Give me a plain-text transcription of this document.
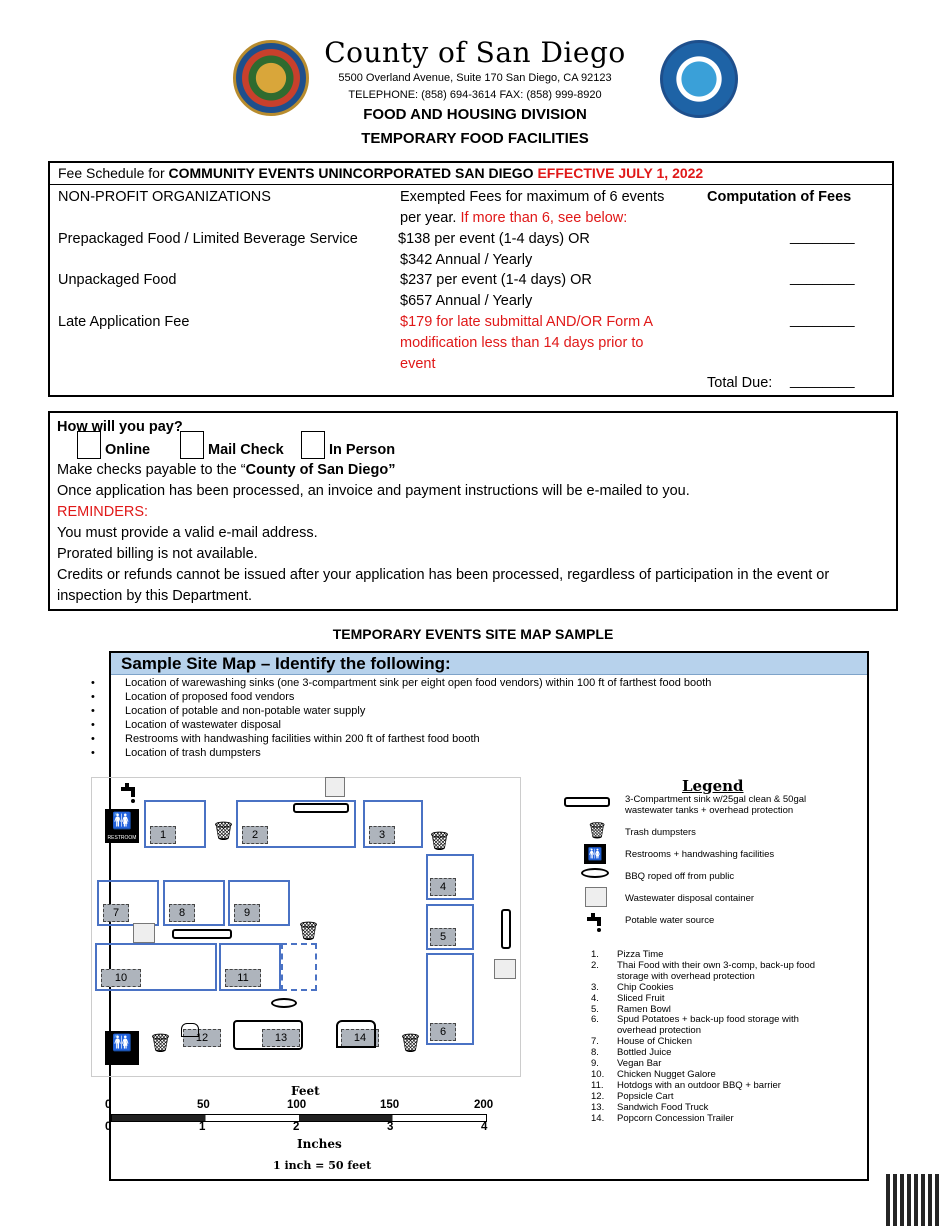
County of San Diego
5500 Overland Avenue, Suite 170 San Diego, CA 92123
TELEPHONE: (858) 694-3614 FAX: (858) 999-8920
FOOD AND HOUSING DIVISION
TEMPORARY FOOD FACILITIES
Fee Schedule for COMMUNITY EVENTS UNINCORPORATED SAN DIEGO EFFECTIVE JULY 1, 2022
NON-PROFIT ORGANIZATIONS	Exempted Fees for maximum of 6 events
per year. If more than 6, see below:
Computation of Fees
Prepackaged Food / Limited Beverage Service	$138 per event (1-4 days) OR
$342 Annual / Yearly
________
Unpackaged Food	$237 per event (1-4 days) OR
$657 Annual / Yearly
________
Late Application Fee	$179 for late submittal AND/OR Form A
modification less than 14 days prior to
event
________
Total Due: ________
How will you pay?
Online	Mail Check	In Person
Make checks payable to the “County of San Diego”
Once application has been processed, an invoice and payment instructions will be e-mailed to you.
REMINDERS:
You must provide a valid e-mail address.
Prorated billing is not available.
Credits or refunds cannot be issued after your application has been processed, regardless of participation in the event or
inspection by this Department.
TEMPORARY EVENTS SITE MAP SAMPLE
Sample Site Map – Identify the following:
•	Location of warewashing sinks (one 3-compartment sink per eight open food vendors) within 100 ft of farthest food booth
•	Location of proposed food vendors
•	Location of potable and non-potable water supply
•	Location of wastewater disposal
•	Restrooms with handwashing facilities within 200 ft of farthest food booth
•	Location of trash dumpsters
1	2	3
4
5
6
7	8	9
10	11
12	13	14
🚻
RESTROOM	🗑	🗑
🗑
🚻 🗑	🗑
Feet
0	50	100	150	200
0	1	2	3	4
Inches
1 inch = 50 feet
Legend
3-Compartment sink w/25gal clean & 50gal
wastewater tanks + overhead protection
🗑 Trash dumpsters
🚻	Restrooms + handwashing facilities
BBQ roped off from public
Wastewater disposal container
Potable water source
1. Pizza Time
2. Thai Food with their own 3-comp, back-up food
storage with overhead protection
3. Chip Cookies
4. Sliced Fruit
5. Ramen Bowl
6. Spud Potatoes + back-up food storage with
overhead protection
7. House of Chicken
8. Bottled Juice
9. Vegan Bar
10. Chicken Nugget Galore
11. Hotdogs with an outdoor BBQ + barrier
12. Popsicle Cart
13. Sandwich Food Truck
14. Popcorn Concession Trailer
